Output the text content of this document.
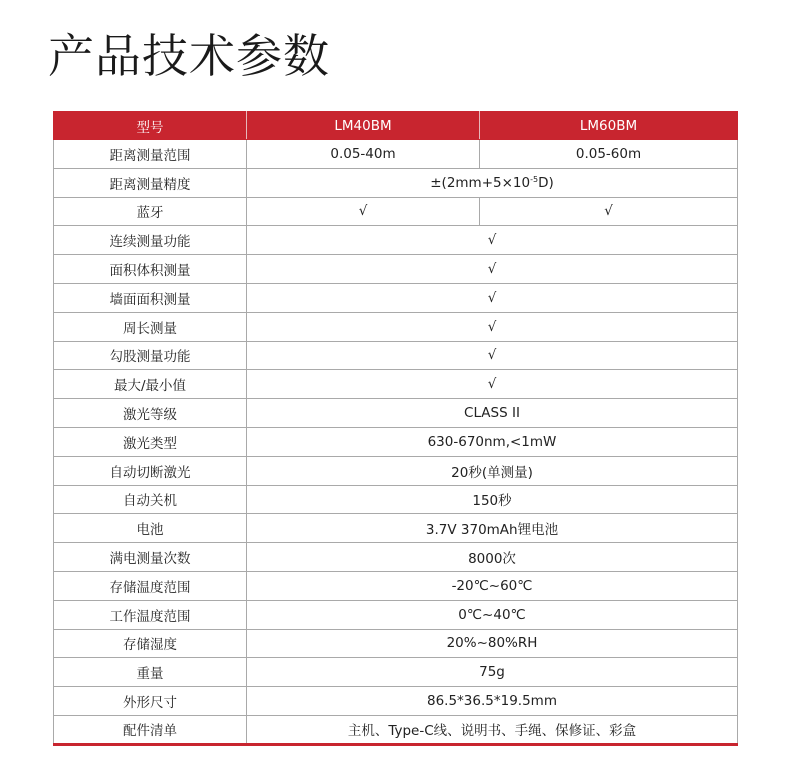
产品技术参数
型号	LM40BM	LM60BM
距离测量范围	0.05-40m	0.05-60m
距离测量精度	$\pm(2mm+5\times 10^{-5}D)$	
蓝牙	√	√
连续测量功能	√	
面积体积测量	√	
墙面面积测量	√	
周长测量	√	
勾股测量功能	√	
最大/最小值	√	
激光等级	CLASS II	
激光类型	630-670nm,<1mW	
自动切断激光	20秒(单测量)	
自动关机	150秒	
电池	3.7V 370mAh锂电池	
满电测量次数	8000次	
存储温度范围	-20℃~60℃	
工作温度范围	0℃~40℃	
存储湿度	20%~80%RH	
重量	75g	
外形尺寸	86.5*36.5*19.5mm	
配件清单	主机、Type-C线、说明书、手绳、保修证、彩盒	
